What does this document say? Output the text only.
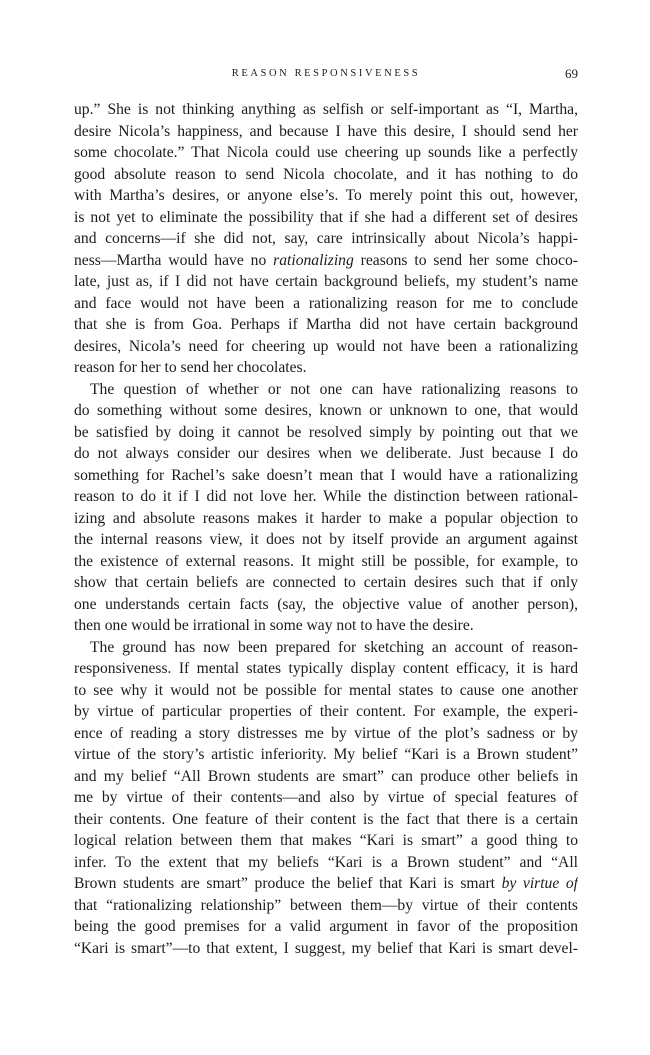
REASON RESPONSIVENESS	69
up.” She is not thinking anything as selfish or self-important as “I, Martha,
desire Nicola’s happiness, and because I have this desire, I should send her
some chocolate.” That Nicola could use cheering up sounds like a perfectly
good absolute reason to send Nicola chocolate, and it has nothing to do
with Martha’s desires, or anyone else’s. To merely point this out, however,
is not yet to eliminate the possibility that if she had a different set of desires
and concerns—if she did not, say, care intrinsically about Nicola’s happi-
ness—Martha would have no rationalizing reasons to send her some choco-
late, just as, if I did not have certain background beliefs, my student’s name
and face would not have been a rationalizing reason for me to conclude
that she is from Goa. Perhaps if Martha did not have certain background
desires, Nicola’s need for cheering up would not have been a rationalizing
reason for her to send her chocolates.
The question of whether or not one can have rationalizing reasons to
do something without some desires, known or unknown to one, that would
be satisfied by doing it cannot be resolved simply by pointing out that we
do not always consider our desires when we deliberate. Just because I do
something for Rachel’s sake doesn’t mean that I would have a rationalizing
reason to do it if I did not love her. While the distinction between rational-
izing and absolute reasons makes it harder to make a popular objection to
the internal reasons view, it does not by itself provide an argument against
the existence of external reasons. It might still be possible, for example, to
show that certain beliefs are connected to certain desires such that if only
one understands certain facts (say, the objective value of another person),
then one would be irrational in some way not to have the desire.
The ground has now been prepared for sketching an account of reason-
responsiveness. If mental states typically display content efficacy, it is hard
to see why it would not be possible for mental states to cause one another
by virtue of particular properties of their content. For example, the experi-
ence of reading a story distresses me by virtue of the plot’s sadness or by
virtue of the story’s artistic inferiority. My belief “Kari is a Brown student”
and my belief “All Brown students are smart” can produce other beliefs in
me by virtue of their contents—and also by virtue of special features of
their contents. One feature of their content is the fact that there is a certain
logical relation between them that makes “Kari is smart” a good thing to
infer. To the extent that my beliefs “Kari is a Brown student” and “All
Brown students are smart” produce the belief that Kari is smart by virtue of
that “rationalizing relationship” between them—by virtue of their contents
being the good premises for a valid argument in favor of the proposition
“Kari is smart”—to that extent, I suggest, my belief that Kari is smart devel-
